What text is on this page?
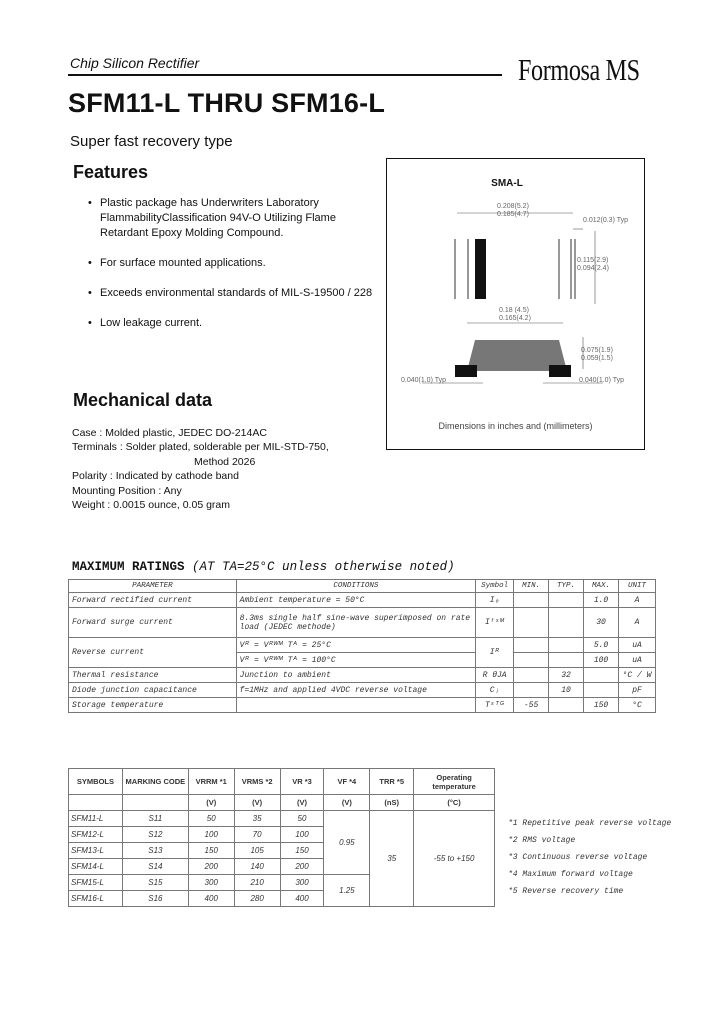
Chip Silicon Rectifier	Formosa MS
SFM11-L THRU SFM16-L
Super fast recovery type
Features
• Plastic package has Underwriters Laboratory FlammabilityClassification 94V-O Utilizing Flame Retardant Epoxy Molding Compound.
• For surface mounted applications.
• Exceeds environmental standards of MIL-S-19500 / 228
• Low leakage current.
Mechanical data
Case : Molded plastic, JEDEC DO-214AC
Terminals : Solder plated, solderable per MIL-STD-750,
Method 2026
Polarity : Indicated by cathode band
Mounting Position : Any
Weight : 0.0015 ounce, 0.05 gram
SMA-L
0.208(5.2)
0.185(4.7)
0.012(0.3) Typ
0.115(2.9)
0.094(2.4)
0.18 (4.5)
0.165(4.2)
0.075(1.9)
0.059(1.5)
0.040(1.0) Typ	0.040(1.0) Typ
Dimensions in inches and (millimeters)
MAXIMUM RATINGS (AT TA=25°C unless otherwise noted)
PARAMETER	CONDITIONS	Symbol	MIN.	TYP.	MAX.	UNIT
Forward rectified current	Ambient temperature = 50°C	I₀			1.0	A
Forward surge current	8.3ms single half sine-wave superimposed on rate load (JEDEC methode)	Iᶠˢᴹ			30	A
Reverse current	Vᴿ = Vᴿᵂᴹ Tᴬ = 25°C	Iᴿ			5.0	uA
	Vᴿ = Vᴿᵂᴹ Tᴬ = 100°C				100	uA
Thermal resistance	Junction to ambient	R θJA		32		°C / W
Diode junction capacitance	f=1MHz and applied 4VDC reverse voltage	Cⱼ		10		pF
Storage temperature		Tˢᵀᴳ	-55		150	°C
SYMBOLS	MARKING CODE	VRRM *1	VRMS *2	VR *3	VF *4	TRR *5	Operating temperature
		(V)	(V)	(V)	(V)	(nS)	(°C)
SFM11-L	S11	50	35	50	0.95	35	-55 to +150
SFM12-L	S12	100	70	100			
SFM13-L	S13	150	105	150			
SFM14-L	S14	200	140	200			
SFM15-L	S15	300	210	300	1.25		
SFM16-L	S16	400	280	400			
*1 Repetitive peak reverse voltage
*2 RMS voltage
*3 Continuous reverse voltage
*4 Maximum forward voltage
*5 Reverse recovery time
